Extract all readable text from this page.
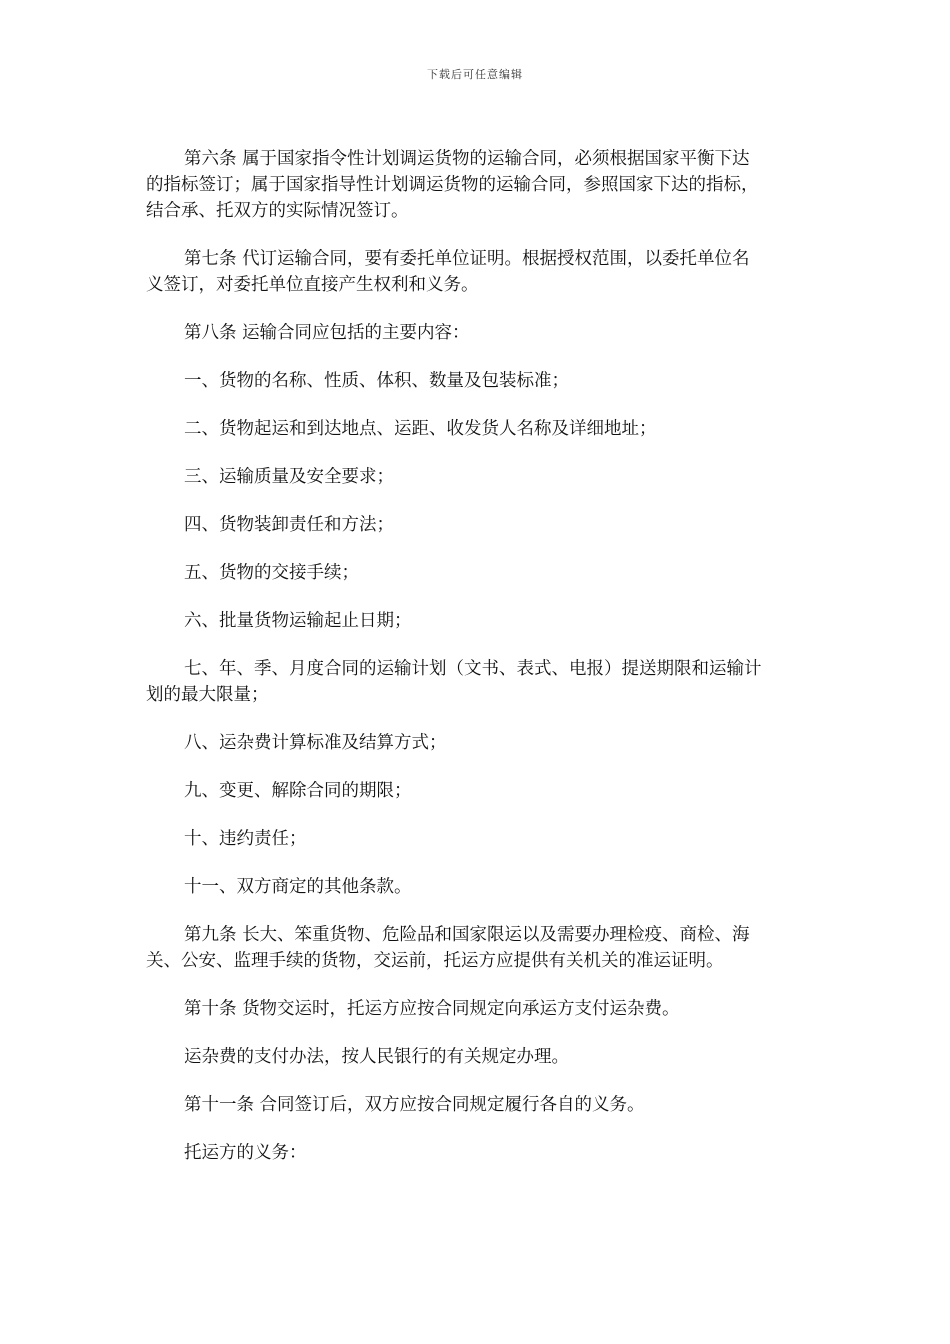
下载后可任意编辑

第六条 属于国家指令性计划调运货物的运输合同，必须根据国家平衡下达的指标签订；属于国家指导性计划调运货物的运输合同，参照国家下达的指标，结合承、托双方的实际情况签订。

第七条 代订运输合同，要有委托单位证明。根据授权范围，以委托单位名义签订，对委托单位直接产生权利和义务。

第八条 运输合同应包括的主要内容：

一、货物的名称、性质、体积、数量及包装标准；

二、货物起运和到达地点、运距、收发货人名称及详细地址；

三、运输质量及安全要求；

四、货物装卸责任和方法；

五、货物的交接手续；

六、批量货物运输起止日期；

七、年、季、月度合同的运输计划（文书、表式、电报）提送期限和运输计划的最大限量；

八、运杂费计算标准及结算方式；

九、变更、解除合同的期限；

十、违约责任；

十一、双方商定的其他条款。

第九条 长大、笨重货物、危险品和国家限运以及需要办理检疫、商检、海关、公安、监理手续的货物，交运前，托运方应提供有关机关的准运证明。

第十条 货物交运时，托运方应按合同规定向承运方支付运杂费。

运杂费的支付办法，按人民银行的有关规定办理。

第十一条 合同签订后，双方应按合同规定履行各自的义务。

托运方的义务：
